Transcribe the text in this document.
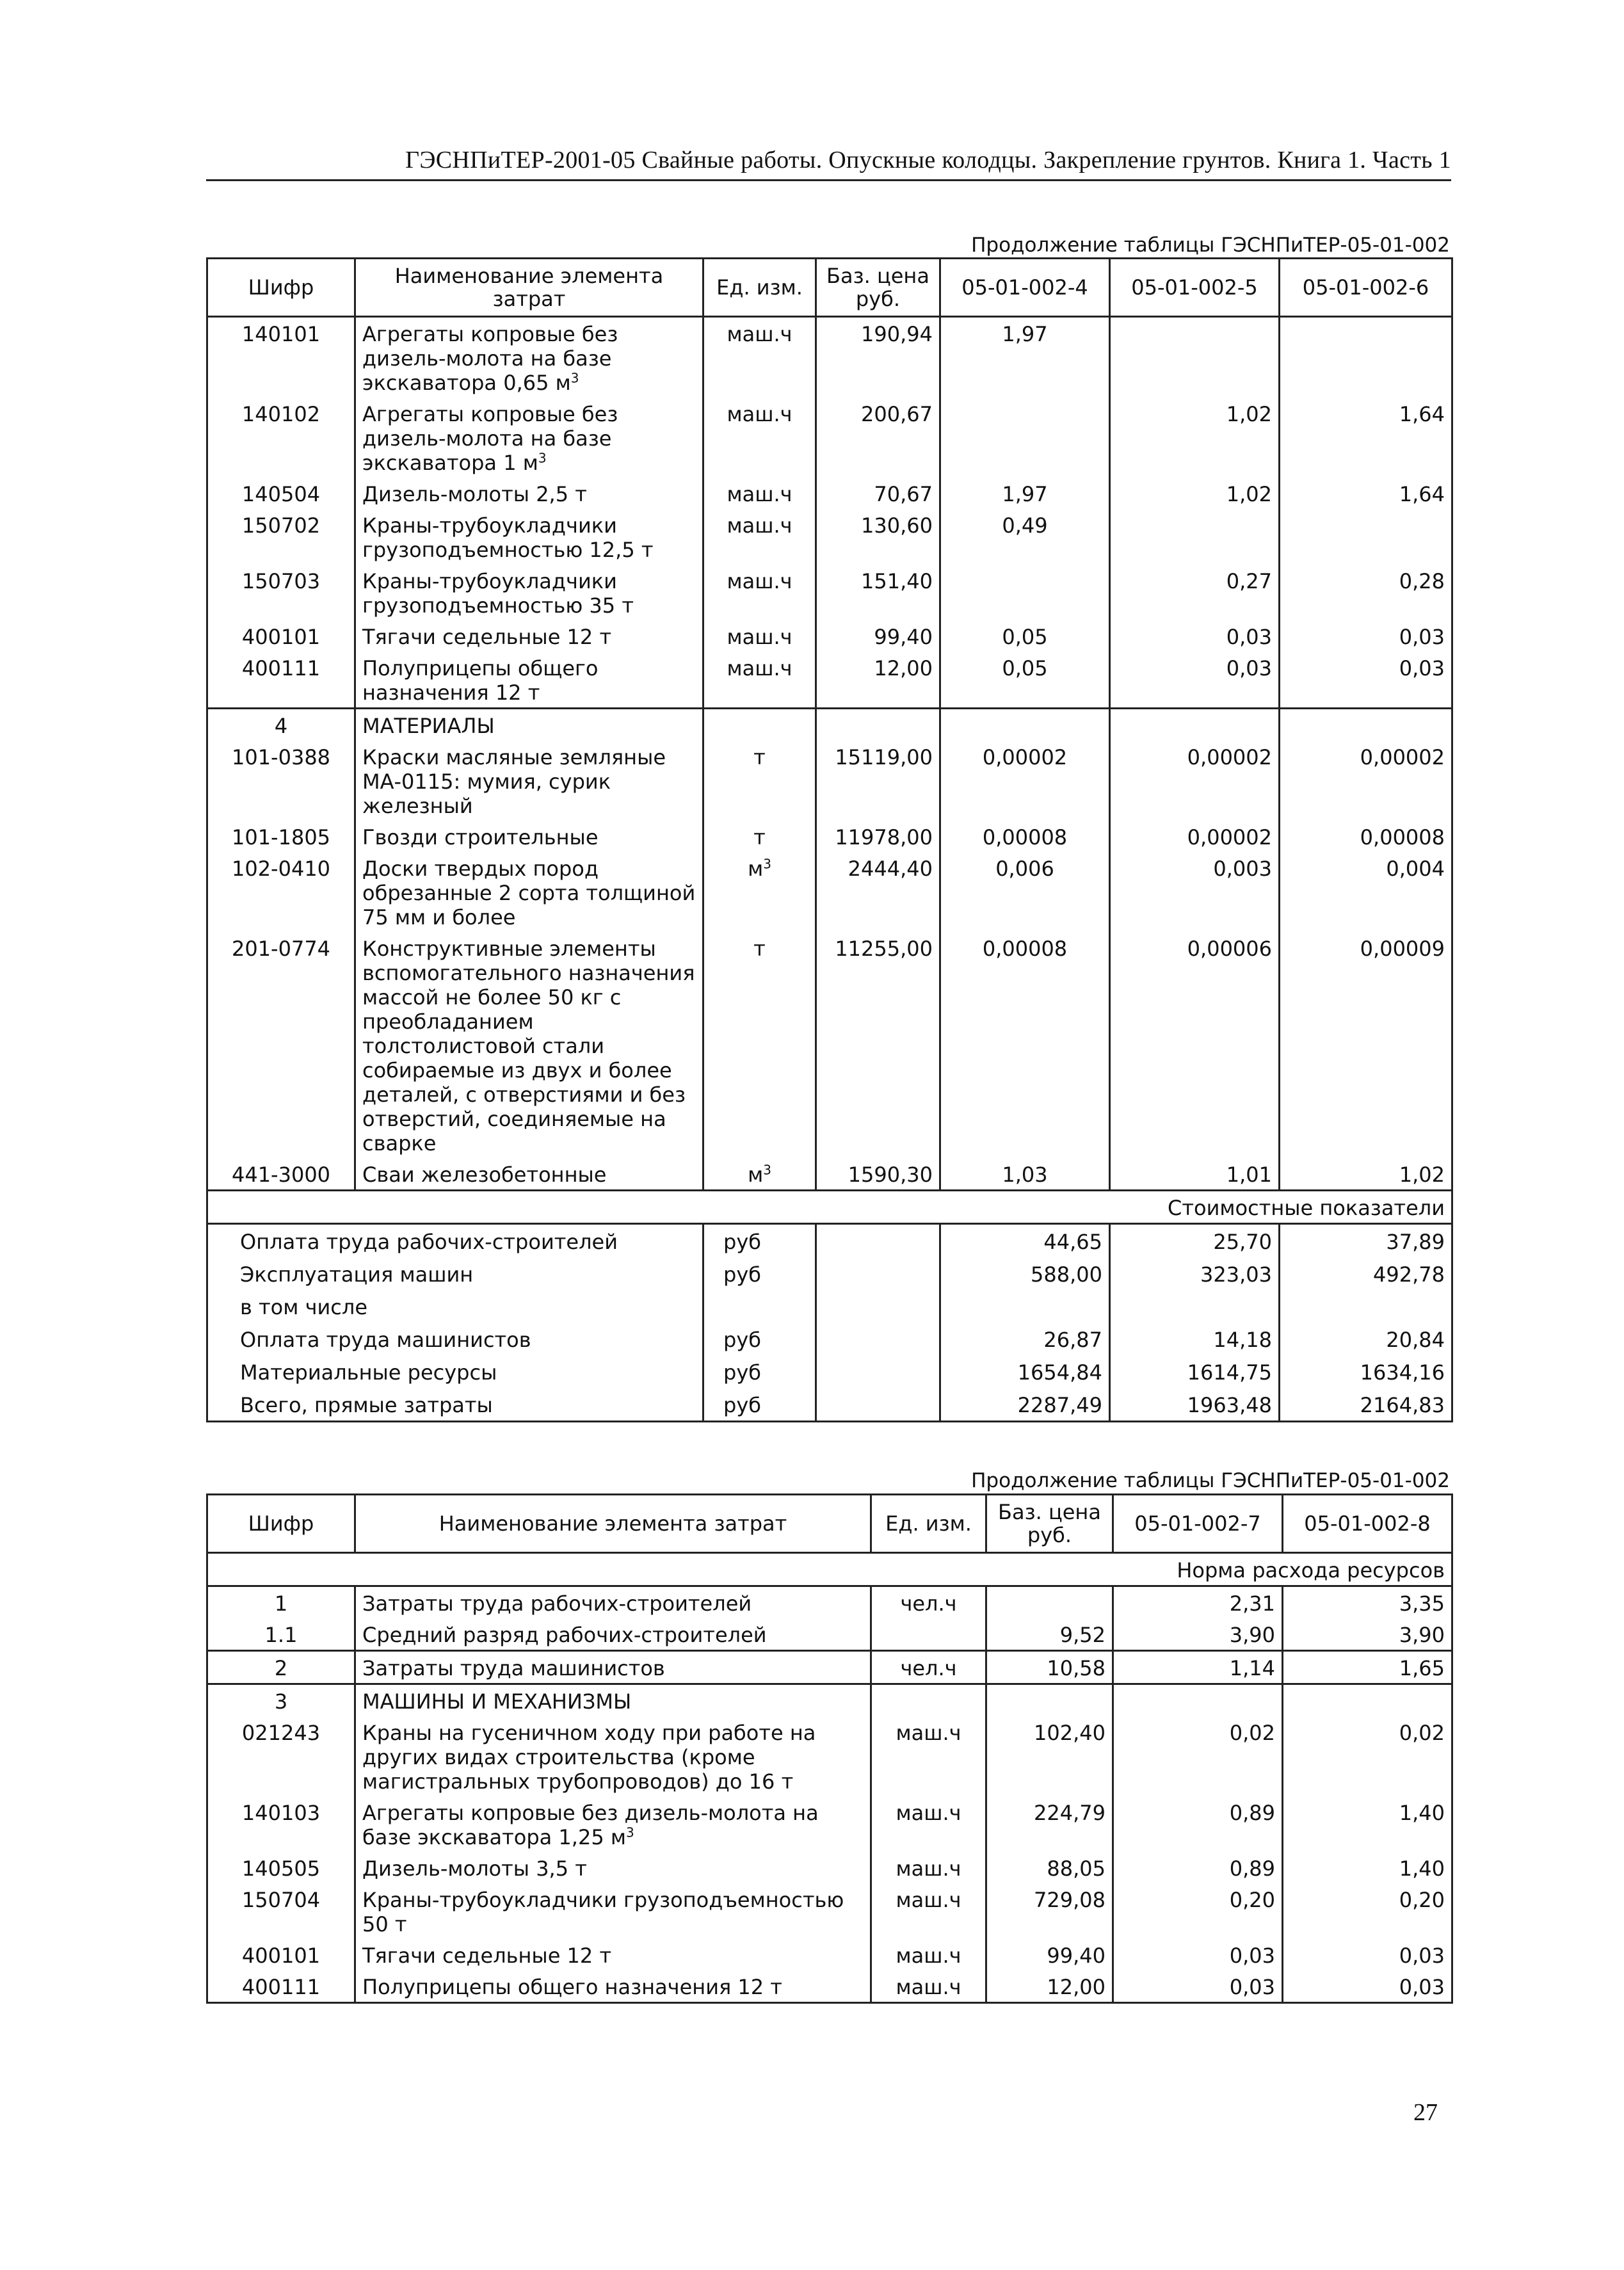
ГЭСНПиТЕР-2001-05 Свайные работы. Опускные колодцы. Закрепление грунтов. Книга 1. Часть 1
Продолжение таблицы ГЭСНПиТЕР-05-01-002
Шифр	Наименование элемента затрат	Ед. изм.	Баз. цена руб.	05-01-002-4	05-01-002-5	05-01-002-6
140101	Агрегаты копровые без дизель-молота на базе экскаватора 0,65 $м^3$	маш.ч	190,94	1,97		
140102	Агрегаты копровые без дизель-молота на базе экскаватора 1 $м^3$	маш.ч	200,67		1,02	1,64
140504	Дизель-молоты 2,5 т	маш.ч	70,67	1,97	1,02	1,64
150702	Краны-трубоукладчики грузоподъемностью 12,5 т	маш.ч	130,60	0,49		
150703	Краны-трубоукладчики грузоподъемностью 35 т	маш.ч	151,40		0,27	0,28
400101	Тягачи седельные 12 т	маш.ч	99,40	0,05	0,03	0,03
400111	Полуприцепы общего назначения 12 т	маш.ч	12,00	0,05	0,03	0,03
4	МАТЕРИАЛЫ					
101-0388	Краски масляные земляные МА-0115: мумия, сурик железный	т	15119,00	0,00002	0,00002	0,00002
101-1805	Гвозди строительные	т	11978,00	0,00008	0,00002	0,00008
102-0410	Доски твердых пород обрезанные 2 сорта толщиной 75 мм и более	$м^3$	2444,40	0,006	0,003	0,004
201-0774	Конструктивные элементы вспомогательного назначения массой не более 50 кг с преобладанием толстолистовой стали собираемые из двух и более деталей, с отверстиями и без отверстий, соединяемые на сварке	т	11255,00	0,00008	0,00006	0,00009
441-3000	Сваи железобетонные	$м^3$	1590,30	1,03	1,01	1,02
Стоимостные показатели						
Оплата труда рабочих-строителей		руб		44,65	25,70	37,89
Эксплуатация машин		руб		588,00	323,03	492,78
в том числе						
Оплата труда машинистов		руб		26,87	14,18	20,84
Материальные ресурсы		руб		1654,84	1614,75	1634,16
Всего, прямые затраты		руб		2287,49	1963,48	2164,83
Продолжение таблицы ГЭСНПиТЕР-05-01-002
Шифр	Наименование элемента затрат	Ед. изм.	Баз. цена руб.	05-01-002-7	05-01-002-8
Норма расхода ресурсов					
1	Затраты труда рабочих-строителей	чел.ч		2,31	3,35
1.1	Средний разряд рабочих-строителей		9,52	3,90	3,90
2	Затраты труда машинистов	чел.ч	10,58	1,14	1,65
3	МАШИНЫ И МЕХАНИЗМЫ				
021243	Краны на гусеничном ходу при работе на других видах строительства (кроме магистральных трубопроводов) до 16 т	маш.ч	102,40	0,02	0,02
140103	Агрегаты копровые без дизель-молота на базе экскаватора 1,25 $м^3$	маш.ч	224,79	0,89	1,40
140505	Дизель-молоты 3,5 т	маш.ч	88,05	0,89	1,40
150704	Краны-трубоукладчики грузоподъемностью 50 т	маш.ч	729,08	0,20	0,20
400101	Тягачи седельные 12 т	маш.ч	99,40	0,03	0,03
400111	Полуприцепы общего назначения 12 т	маш.ч	12,00	0,03	0,03
27
